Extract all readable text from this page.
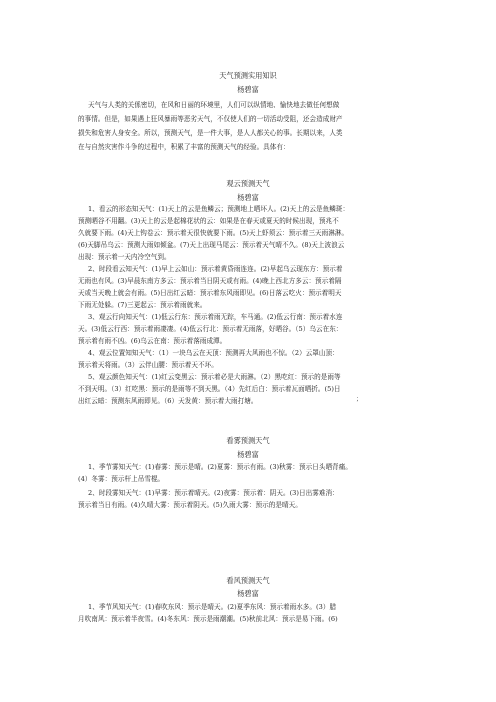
天气预测实用知识
杨碧富
天气与人类的关係密切，在风和日丽的环境里，人们可以纵情地、愉快地去做任何想做
的事情。但是，如果遇上狂风暴雨等恶劣天气，不仅使人们的一切活动受阻，还会造成财产
损失和危害人身安全。所以，预测天气，是一件大事，是人人都关心的事。长期以来，人类
在与自然灾害作斗争的过程中，积累了丰富的预测天气的经验。具体有：
观云预测天气
杨碧富
1、看云的形态知天气：(1)天上的云是鱼鳞云；预测地上晒坏人。(2)天上的云是鱼鳞斑：
预测晒谷不用翻。(3)天上的云是起棉花状的云：如果是在春天或夏天的时候出现，预兆不
久就要下雨。(4)天上钩卷云：预示着天很快就要下雨。(5)天上虾须云：预示着三天雨淋淋。
(6)天脚吊乌云：预测大雨如倾盆。(7)天上出现马尾云：预示着天气晴不久。(8)天上波浪云
出现：预示着一天内冷空气到。
2、时段看云知天气：(1)早上云如山：预示着黄昏雨连连。(2)早起乌云现东方：预示着
无雨也有风。(3)早晨东南方多云：预示着当日阴天或有雨。(4)晚上西北方多云：预示着隔
天或当天晚上就会有雨。(5)日出红云暗：预示着东风雨即见。(6)日落云吃火：预示着明天
下雨无处躲。(7)三更起云：预示着雨就来。
3、观云行向知天气：(1)低云行东：预示着雨无踪，车马通。(2)低云行南：预示着水连
天。(3)低云行西：预示着雨凄凄。(4)低云行北：预示着无雨落，好晒谷。（5）乌云在东：
预示着有雨不凶。(6)乌云在南：预示着落雨成潭。
4、观云位置知知天气：（1）一块乌云在天顶：预测再大风雨也不惊。（2）云罩山顶：
预示着天将雨。（3）云伴山腰：预示着天不坏。
5、观云颜色知天气：(1)红云变黑云：预示着必是大雨淋。（2）黑吃红：预示的是雨等
不到天明。（3）红吃黑：预示的是雨等不到天黑。（4）先红后白：预示着瓦面晒折。(5)日
出红云暗：预测东风雨即见。（6）天发黄：预示着大雨打塘。	；
看雾预测天气
杨碧富
1、季节雾知天气：(1)春雾：预示是晴。(2)夏雾：预示有雨。(3)秋雾：预示日头晒背痛。
(4）冬雾：预示杆上吊雪棍。
2、时段雾知天气：(1)早雾：预示着晴天。(2)夜雾：预示着：阴天。(3)日出雾难消：
预示着当日有雨。(4)久晴大雾：预示着阴天。(5)久雨大雾：预示的是晴天。
看风预测天气
杨碧富
1、季节风知天气：(1)春吹东风：预示是晴天。(2)夏季东风：预示着雨水多。(3）腊
月吹南风：预示着半夜雪。(4)冬东风：预示是雨潮潮。(5)秋前北风：预示是易下雨。(6)
